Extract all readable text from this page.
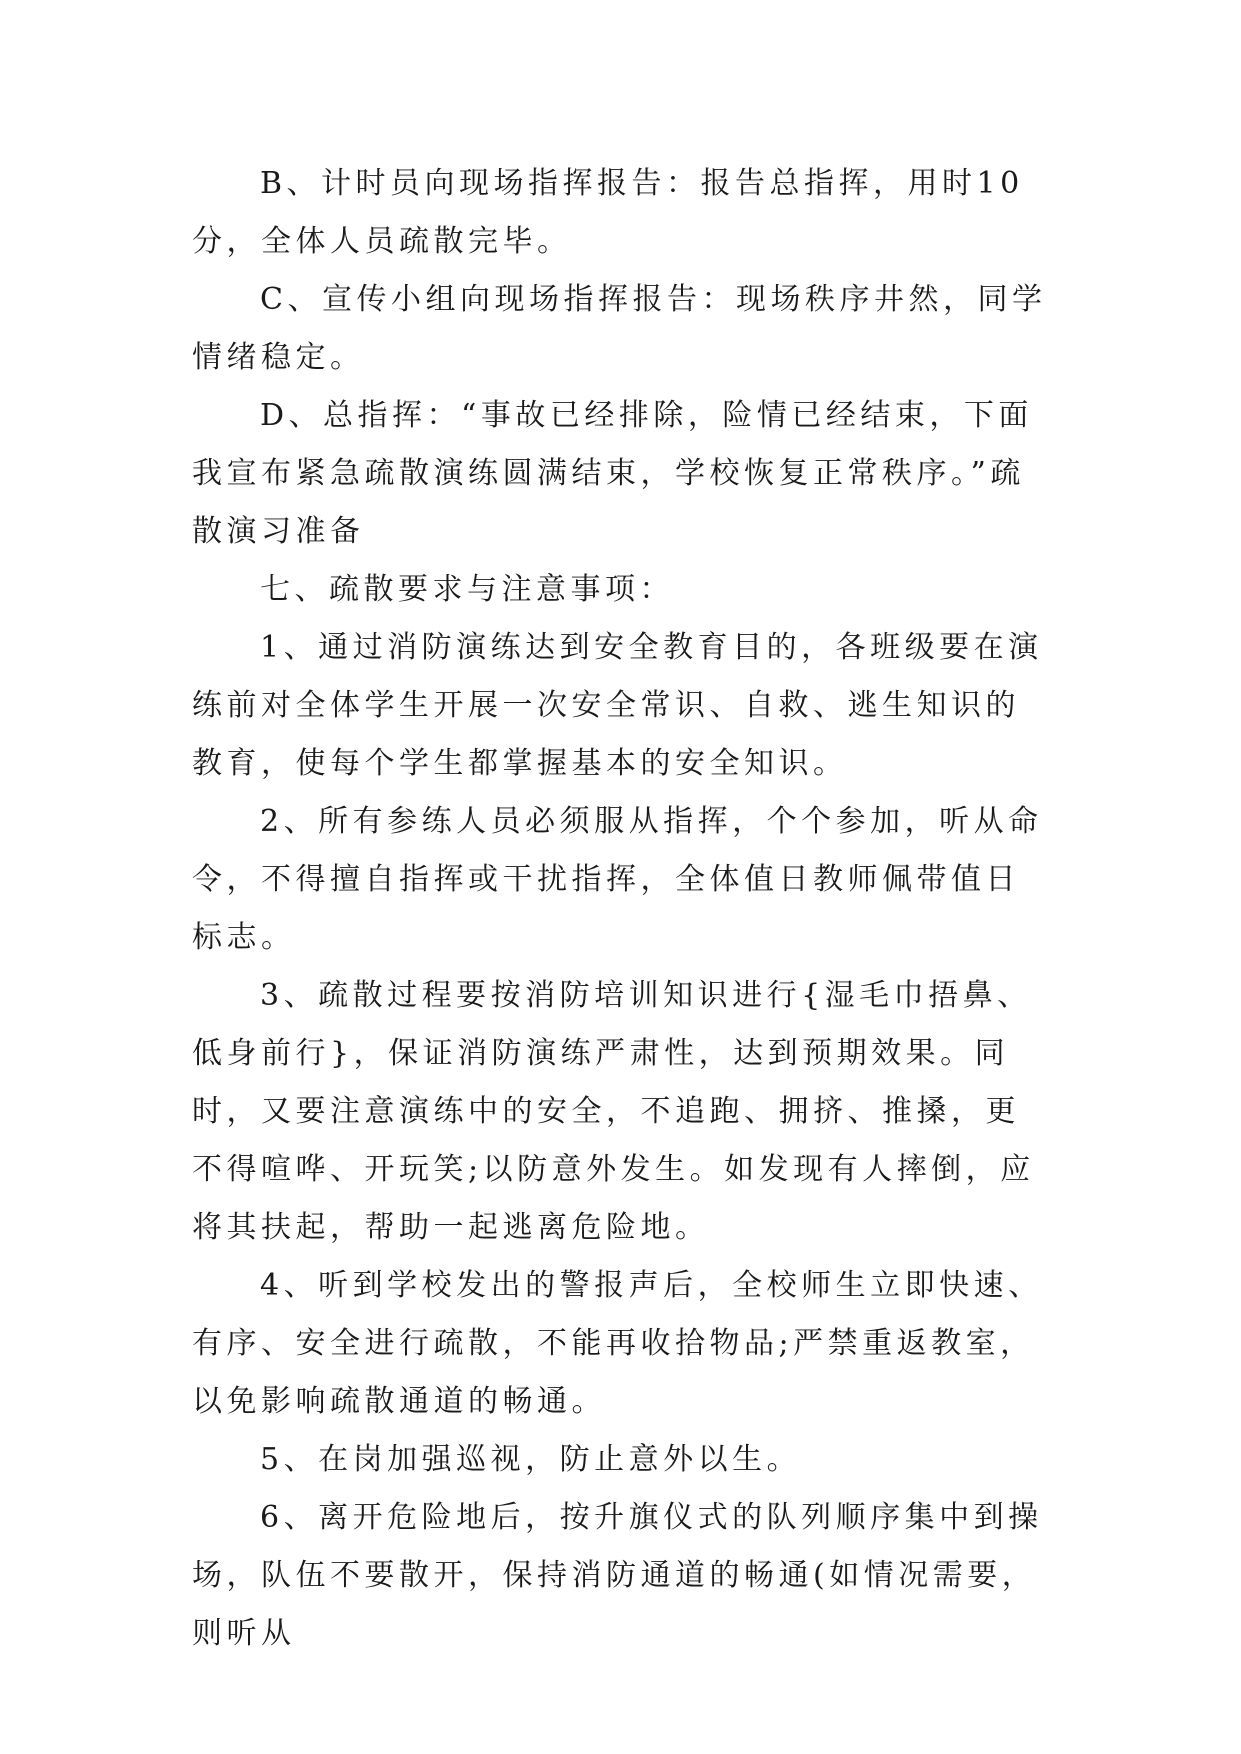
B、计时员向现场指挥报告：报告总指挥，用时10分，全体人员疏散完毕。

C、宣传小组向现场指挥报告：现场秩序井然，同学情绪稳定。

D、总指挥：“事故已经排除，险情已经结束，下面我宣布紧急疏散演练圆满结束，学校恢复正常秩序。”疏散演习准备

七、疏散要求与注意事项：

1、通过消防演练达到安全教育目的，各班级要在演练前对全体学生开展一次安全常识、自救、逃生知识的教育，使每个学生都掌握基本的安全知识。

2、所有参练人员必须服从指挥，个个参加，听从命令，不得擅自指挥或干扰指挥，全体值日教师佩带值日标志。

3、疏散过程要按消防培训知识进行{湿毛巾捂鼻、低身前行}，保证消防演练严肃性，达到预期效果。同时，又要注意演练中的安全，不追跑、拥挤、推搡，更不得喧哗、开玩笑;以防意外发生。如发现有人摔倒，应将其扶起，帮助一起逃离危险地。

4、听到学校发出的警报声后，全校师生立即快速、有序、安全进行疏散，不能再收拾物品;严禁重返教室，以免影响疏散通道的畅通。

5、在岗加强巡视，防止意外以生。

6、离开危险地后，按升旗仪式的队列顺序集中到操场，队伍不要散开，保持消防通道的畅通(如情况需要，则听从
